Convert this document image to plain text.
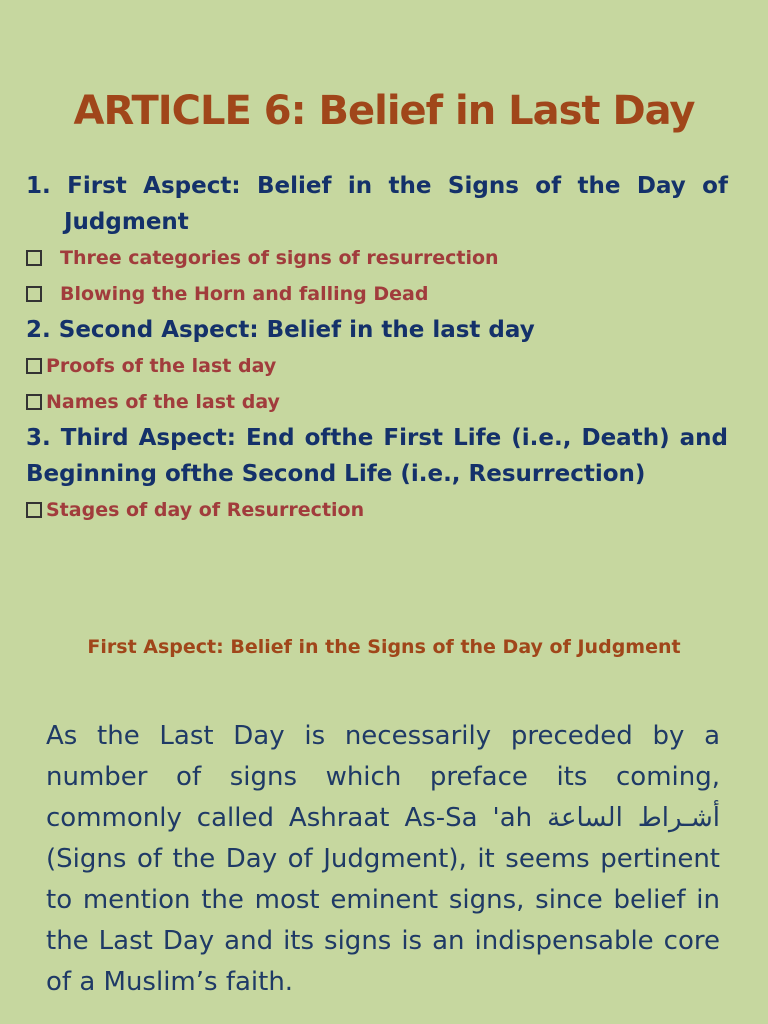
ARTICLE 6: Belief in Last Day

1. First Aspect: Belief in the Signs of the Day of Judgment

Three categories of signs of resurrection
Blowing the Horn and falling Dead

2. Second Aspect: Belief in the last day

Proofs of the last day
Names of the last day

3. Third Aspect: End ofthe First Life (i.e., Death) and Beginning ofthe Second Life (i.e., Resurrection)

Stages of day of Resurrection
First Aspect: Belief in the Signs of the Day of Judgment

As the Last Day is necessarily preceded by a number of signs which preface its coming, commonly called Ashraat As-Sa 'ah أشـراط الساعة (Signs of the Day of Judgment), it seems pertinent to mention the most eminent signs, since belief in the Last Day and its signs is an indispensable core of a Muslim’s faith.
